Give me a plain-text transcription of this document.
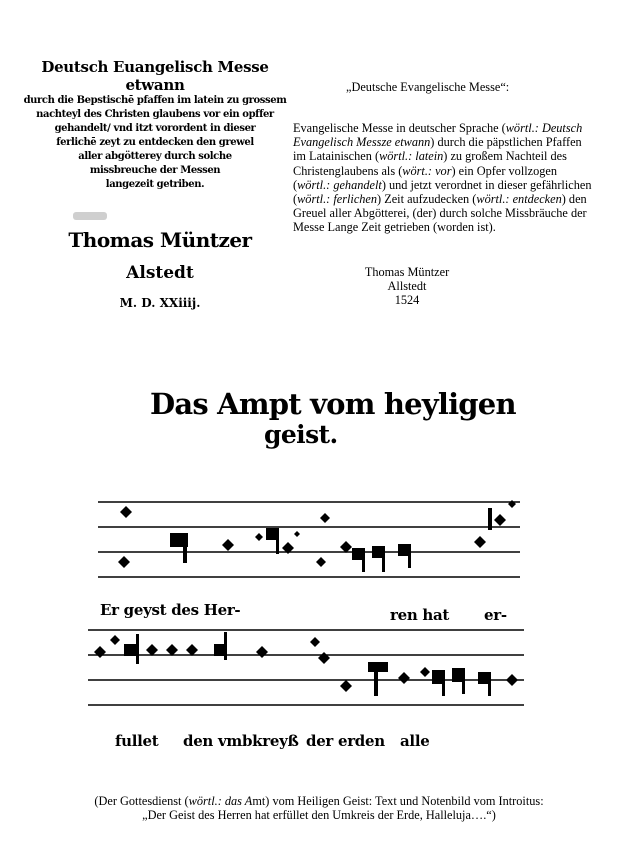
Deutsch Euangelisch Messe etwann
durch die Bepstischē pfaffen im latein zu grossem
nachteyl des Christen glaubens vor ein opffer
gehandelt/ vnd itzt vorordent in dieser
ferlichē zeyt zu entdecken den grewel
aller abgötterey durch solche
missbreuche der Messen
langezeit getriben.
Thomas Müntzer
Alstedt
M. D. XXiiij.
„Deutsche Evangelische Messe“:
Evangelische Messe in deutscher Sprache (wörtl.: Deutsch Evangelisch Messze etwann) durch die päpstlichen Pfaffen im Latainischen (wörtl.: latein) zu großem Nachteil des Christenglaubens als (wört.: vor) ein Opfer vollzogen (wörtl.: gehandelt) und jetzt verordnet in dieser gefährlichen (wörtl.: ferlichen) Zeit aufzudecken (wörtl.: entdecken) den Greuel aller Abgötterei, (der) durch solche Missbräuche der Messe Lange Zeit getrieben (worden ist).
Thomas Müntzer
Allstedt
1524
Das Ampt vom heyligen
geist.
Er geyst des Her-	ren hat er-
fullet den vmbkreyß der erden alle
(Der Gottesdienst (wörtl.: das Amt) vom Heiligen Geist: Text und Notenbild vom Introitus:
„Der Geist des Herren hat erfüllet den Umkreis der Erde, Halleluja….“)
